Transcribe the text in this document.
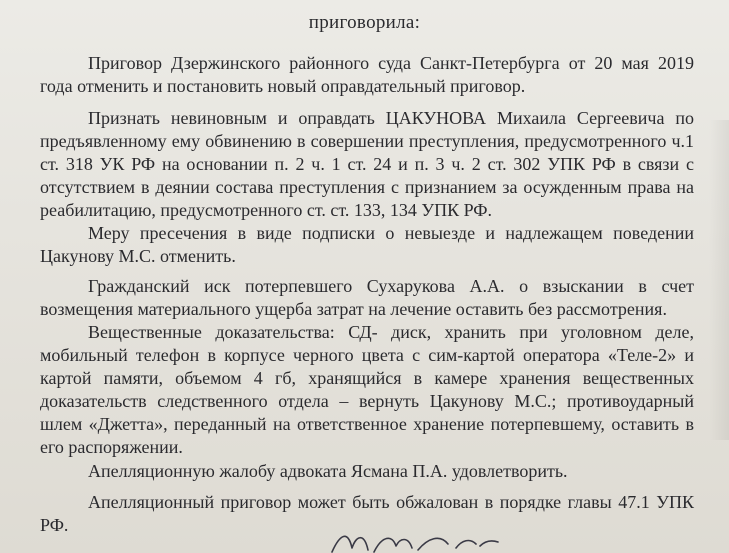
приговорила:

Приговор Дзержинского районного суда Санкт-Петербурга от 20 мая 2019 года отменить и постановить новый оправдательный приговор.

Признать невиновным и оправдать ЦАКУНОВА Михаила Сергеевича по предъявленному ему обвинению в совершении преступления, предусмотренного ч.1 ст. 318 УК РФ на основании п. 2 ч. 1 ст. 24 и п. 3 ч. 2 ст. 302 УПК РФ в связи с отсутствием в деянии состава преступления с признанием за осужденным права на реабилитацию, предусмотренного ст. ст. 133, 134 УПК РФ.

Меру пресечения в виде подписки о невыезде и надлежащем поведении Цакунову М.С. отменить.

Гражданский иск потерпевшего Сухарукова А.А. о взыскании в счет возмещения материального ущерба затрат на лечение оставить без рассмотрения.

Вещественные доказательства: СД- диск, хранить при уголовном деле, мобильный телефон в корпусе черного цвета с сим-картой оператора «Теле-2» и картой памяти, объемом 4 гб, хранящийся в камере хранения вещественных доказательств следственного отдела – вернуть Цакунову М.С.; противоударный шлем «Джетта», переданный на ответственное хранение потерпевшему, оставить в его распоряжении.

Апелляционную жалобу адвоката Ясмана П.А. удовлетворить.

Апелляционный приговор может быть обжалован в порядке главы 47.1 УПК РФ.
